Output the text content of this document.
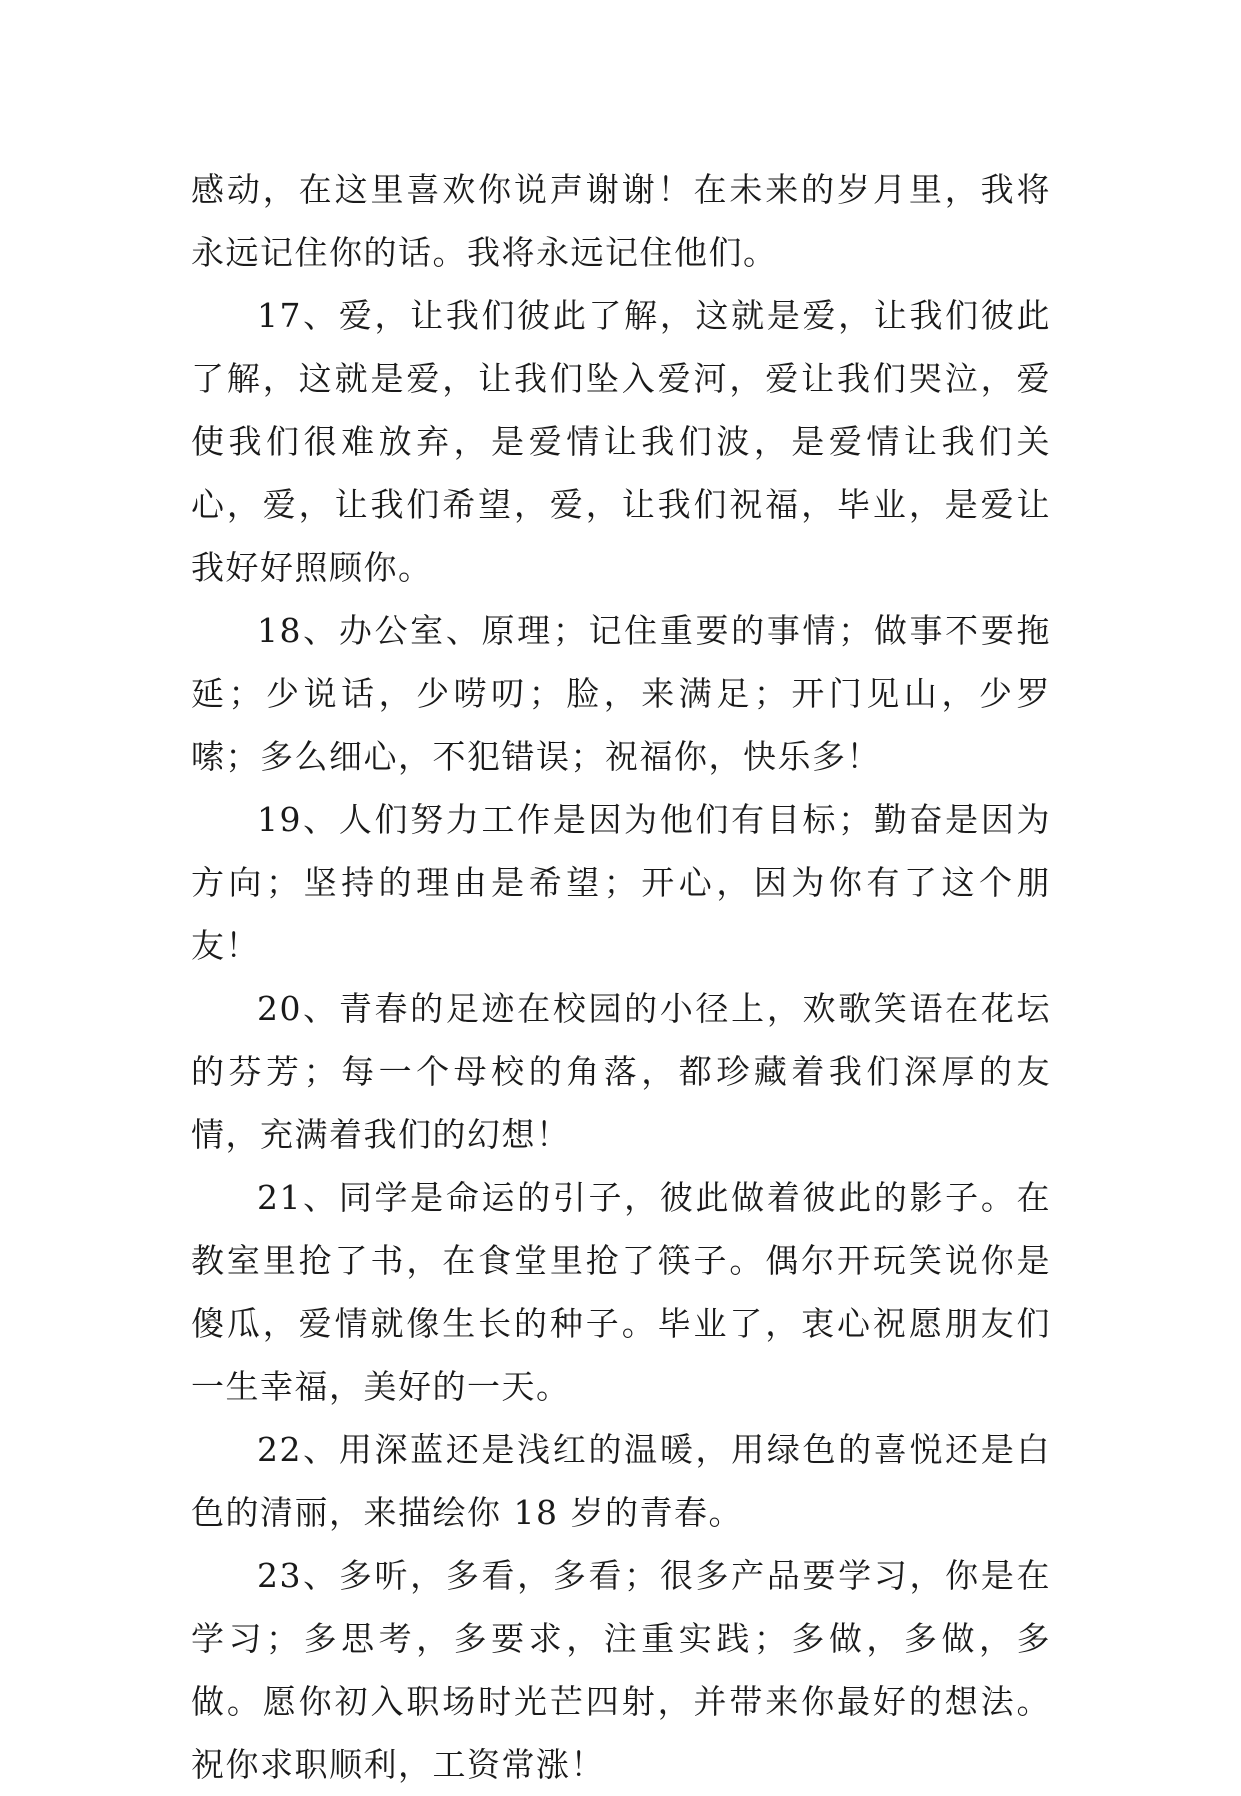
感动，在这里喜欢你说声谢谢！在未来的岁月里，我将永远记住你的话。我将永远记住他们。

17、爱，让我们彼此了解，这就是爱，让我们彼此了解，这就是爱，让我们坠入爱河，爱让我们哭泣，爱使我们很难放弃，是爱情让我们波，是爱情让我们关心，爱，让我们希望，爱，让我们祝福，毕业，是爱让我好好照顾你。

18、办公室、原理；记住重要的事情；做事不要拖延；少说话，少唠叨；脸，来满足；开门见山，少罗嗦；多么细心，不犯错误；祝福你，快乐多！

19、人们努力工作是因为他们有目标；勤奋是因为方向；坚持的理由是希望；开心，因为你有了这个朋友！

20、青春的足迹在校园的小径上，欢歌笑语在花坛的芬芳；每一个母校的角落，都珍藏着我们深厚的友情，充满着我们的幻想！

21、同学是命运的引子，彼此做着彼此的影子。在教室里抢了书，在食堂里抢了筷子。偶尔开玩笑说你是傻瓜，爱情就像生长的种子。毕业了，衷心祝愿朋友们一生幸福，美好的一天。

22、用深蓝还是浅红的温暖，用绿色的喜悦还是白色的清丽，来描绘你 18 岁的青春。

23、多听，多看，多看；很多产品要学习，你是在学习；多思考，多要求，注重实践；多做，多做，多做。愿你初入职场时光芒四射，并带来你最好的想法。祝你求职顺利，工资常涨！
